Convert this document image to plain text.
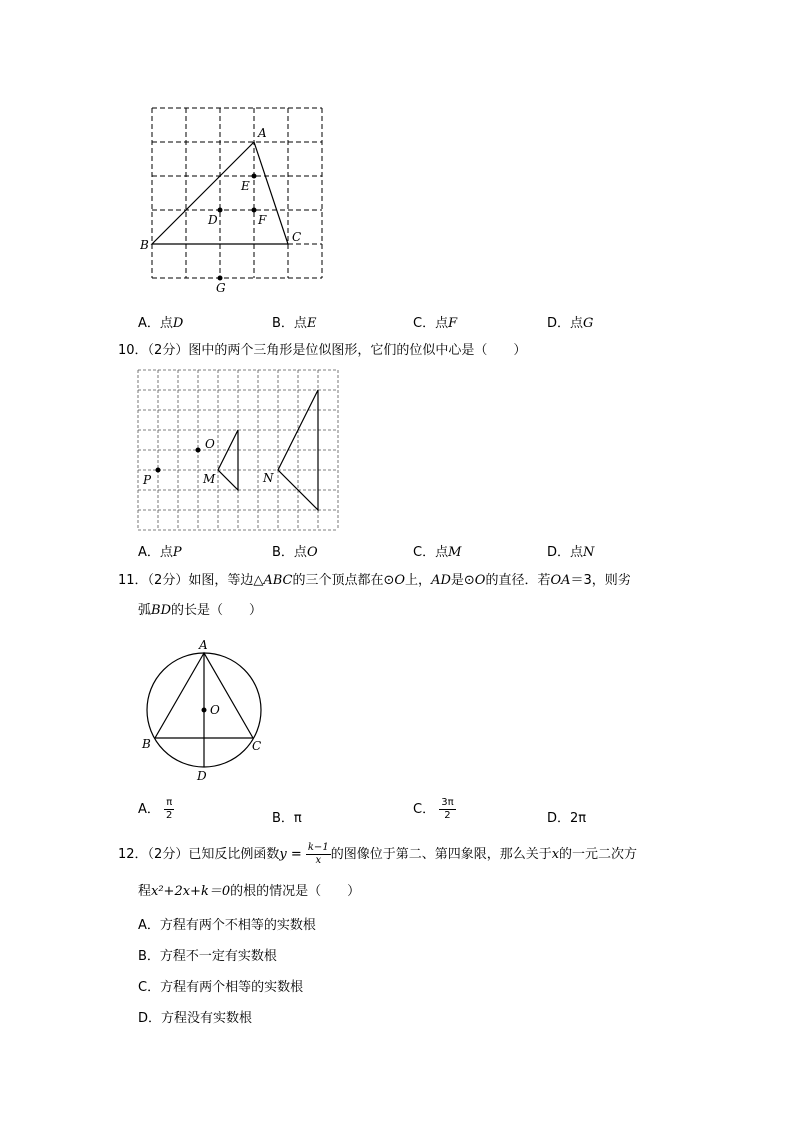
A
B
C
D
E
F
G
A．点D	B．点E	C．点F	D．点G
10．（2分）图中的两个三角形是位似图形，它们的位似中心是（　　）
O
P	M	N
A．点P	B．点O	C．点M	D．点N
11．（2分）如图，等边△ABC的三个顶点都在⊙O上，AD是⊙O的直径．若OA＝3，则劣
弧BD的长是（　　）
A
O
B	C
D
A． $\frac{\pi}{2}$	B．π
C． $\frac{3\pi}{2}$	D．2π
12．（2分）已知反比例函数$y = \frac{k-1}{x}$ 的图像位于第二、第四象限，那么关于x的一元二次方
程x²+2x+k＝0的根的情况是（　　）
A．方程有两个不相等的实数根
B．方程不一定有实数根
C．方程有两个相等的实数根
D．方程没有实数根
